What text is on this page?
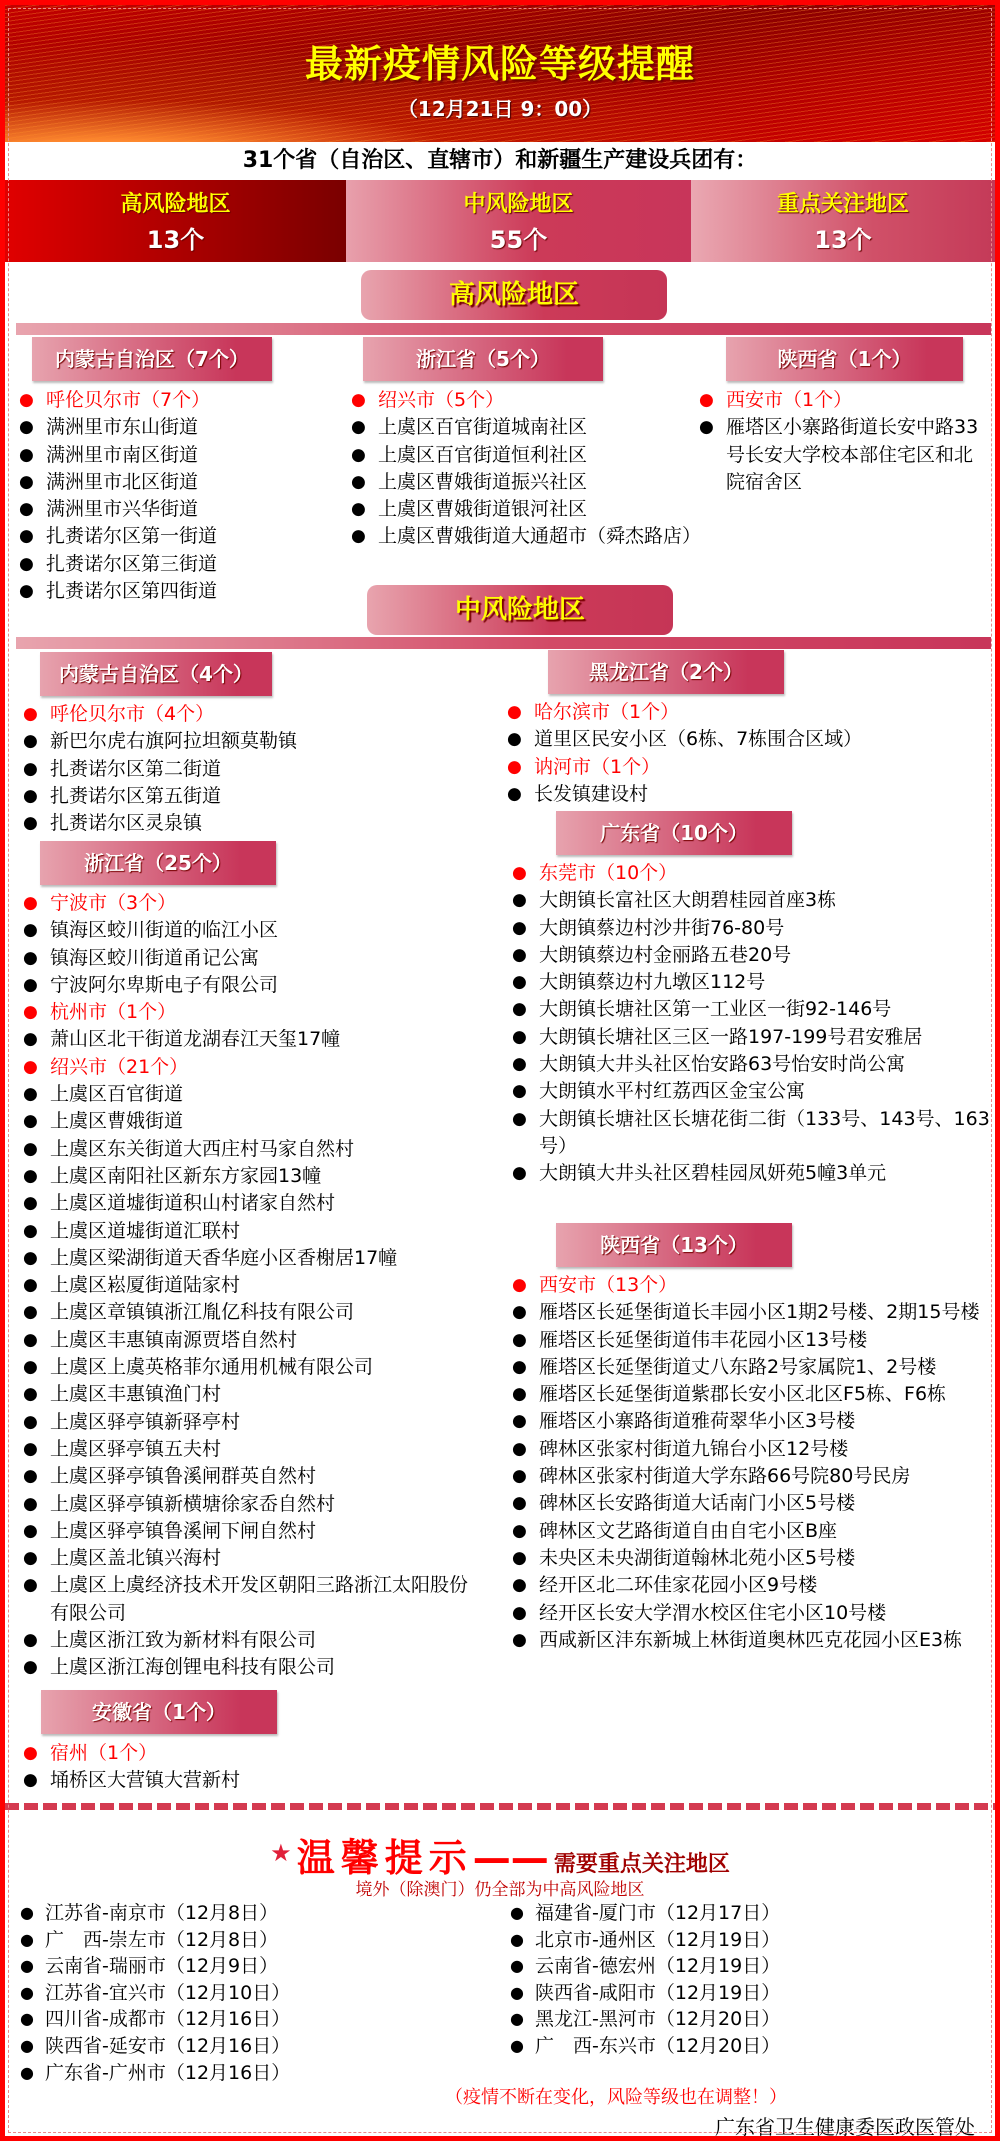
最新疫情风险等级提醒
（12月21日 9：00）
31个省（自治区、直辖市）和新疆生产建设兵团有：
高风险地区
13个
中风险地区
55个
重点关注地区
13个
高风险地区
内蒙古自治区（7个）
● 呼伦贝尔市（7个）
● 满洲里市东山街道
● 满洲里市南区街道
● 满洲里市北区街道
● 满洲里市兴华街道
● 扎赉诺尔区第一街道
● 扎赉诺尔区第三街道
● 扎赉诺尔区第四街道
浙江省（5个）
● 绍兴市（5个）
● 上虞区百官街道城南社区
● 上虞区百官街道恒利社区
● 上虞区曹娥街道振兴社区
● 上虞区曹娥街道银河社区
● 上虞区曹娥街道大通超市（舜杰路店）
陕西省（1个）
● 西安市（1个）
● 雁塔区小寨路街道长安中路33号长安大学校本部住宅区和北院宿舍区
中风险地区
内蒙古自治区（4个）
● 呼伦贝尔市（4个）
● 新巴尔虎右旗阿拉坦额莫勒镇
● 扎赉诺尔区第二街道
● 扎赉诺尔区第五街道
● 扎赉诺尔区灵泉镇
浙江省（25个）
● 宁波市（3个）
● 镇海区蛟川街道的临江小区
● 镇海区蛟川街道甬记公寓
● 宁波阿尔卑斯电子有限公司
● 杭州市（1个）
● 萧山区北干街道龙湖春江天玺17幢
● 绍兴市（21个）
● 上虞区百官街道
● 上虞区曹娥街道
● 上虞区东关街道大西庄村马家自然村
● 上虞区南阳社区新东方家园13幢
● 上虞区道墟街道积山村诸家自然村
● 上虞区道墟街道汇联村
● 上虞区梁湖街道天香华庭小区香榭居17幢
● 上虞区崧厦街道陆家村
● 上虞区章镇镇浙江胤亿科技有限公司
● 上虞区丰惠镇南源贾塔自然村
● 上虞区上虞英格菲尔通用机械有限公司
● 上虞区丰惠镇渔门村
● 上虞区驿亭镇新驿亭村
● 上虞区驿亭镇五夫村
● 上虞区驿亭镇鲁溪闸群英自然村
● 上虞区驿亭镇新横塘徐家岙自然村
● 上虞区驿亭镇鲁溪闸下闸自然村
● 上虞区盖北镇兴海村
● 上虞区上虞经济技术开发区朝阳三路浙江太阳股份有限公司
● 上虞区浙江致为新材料有限公司
● 上虞区浙江海创锂电科技有限公司
安徽省（1个）
● 宿州（1个）
● 埇桥区大营镇大营新村
黑龙江省（2个）
● 哈尔滨市（1个）
● 道里区民安小区（6栋、7栋围合区域）
● 讷河市（1个）
● 长发镇建设村
广东省（10个）
● 东莞市（10个）
● 大朗镇长富社区大朗碧桂园首座3栋
● 大朗镇蔡边村沙井街76-80号
● 大朗镇蔡边村金丽路五巷20号
● 大朗镇蔡边村九墩区112号
● 大朗镇长塘社区第一工业区一街92-146号
● 大朗镇长塘社区三区一路197-199号君安雅居
● 大朗镇大井头社区怡安路63号怡安时尚公寓
● 大朗镇水平村红荔西区金宝公寓
● 大朗镇长塘社区长塘花街二街（133号、143号、163号）
● 大朗镇大井头社区碧桂园凤妍苑5幢3单元
陕西省（13个）
● 西安市（13个）
● 雁塔区长延堡街道长丰园小区1期2号楼、2期15号楼
● 雁塔区长延堡街道伟丰花园小区13号楼
● 雁塔区长延堡街道丈八东路2号家属院1、2号楼
● 雁塔区长延堡街道紫郡长安小区北区F5栋、F6栋
● 雁塔区小寨路街道雅荷翠华小区3号楼
● 碑林区张家村街道九锦台小区12号楼
● 碑林区张家村街道大学东路66号院80号民房
● 碑林区长安路街道大话南门小区5号楼
● 碑林区文艺路街道自由自宅小区B座
● 未央区未央湖街道翰林北苑小区5号楼
● 经开区北二环佳家花园小区9号楼
● 经开区长安大学渭水校区住宅小区10号楼
● 西咸新区沣东新城上林街道奥林匹克花园小区E3栋
★ 温馨提示—— 需要重点关注地区
境外（除澳门）仍全部为中高风险地区
● 江苏省-南京市（12月8日）
● 广　西-崇左市（12月8日）
● 云南省-瑞丽市（12月9日）
● 江苏省-宜兴市（12月10日）
● 四川省-成都市（12月16日）
● 陕西省-延安市（12月16日）
● 广东省-广州市（12月16日）
● 福建省-厦门市（12月17日）
● 北京市-通州区（12月19日）
● 云南省-德宏州（12月19日）
● 陕西省-咸阳市（12月19日）
● 黑龙江-黑河市（12月20日）
● 广　西-东兴市（12月20日）
（疫情不断在变化，风险等级也在调整！）
广东省卫生健康委医政医管处
